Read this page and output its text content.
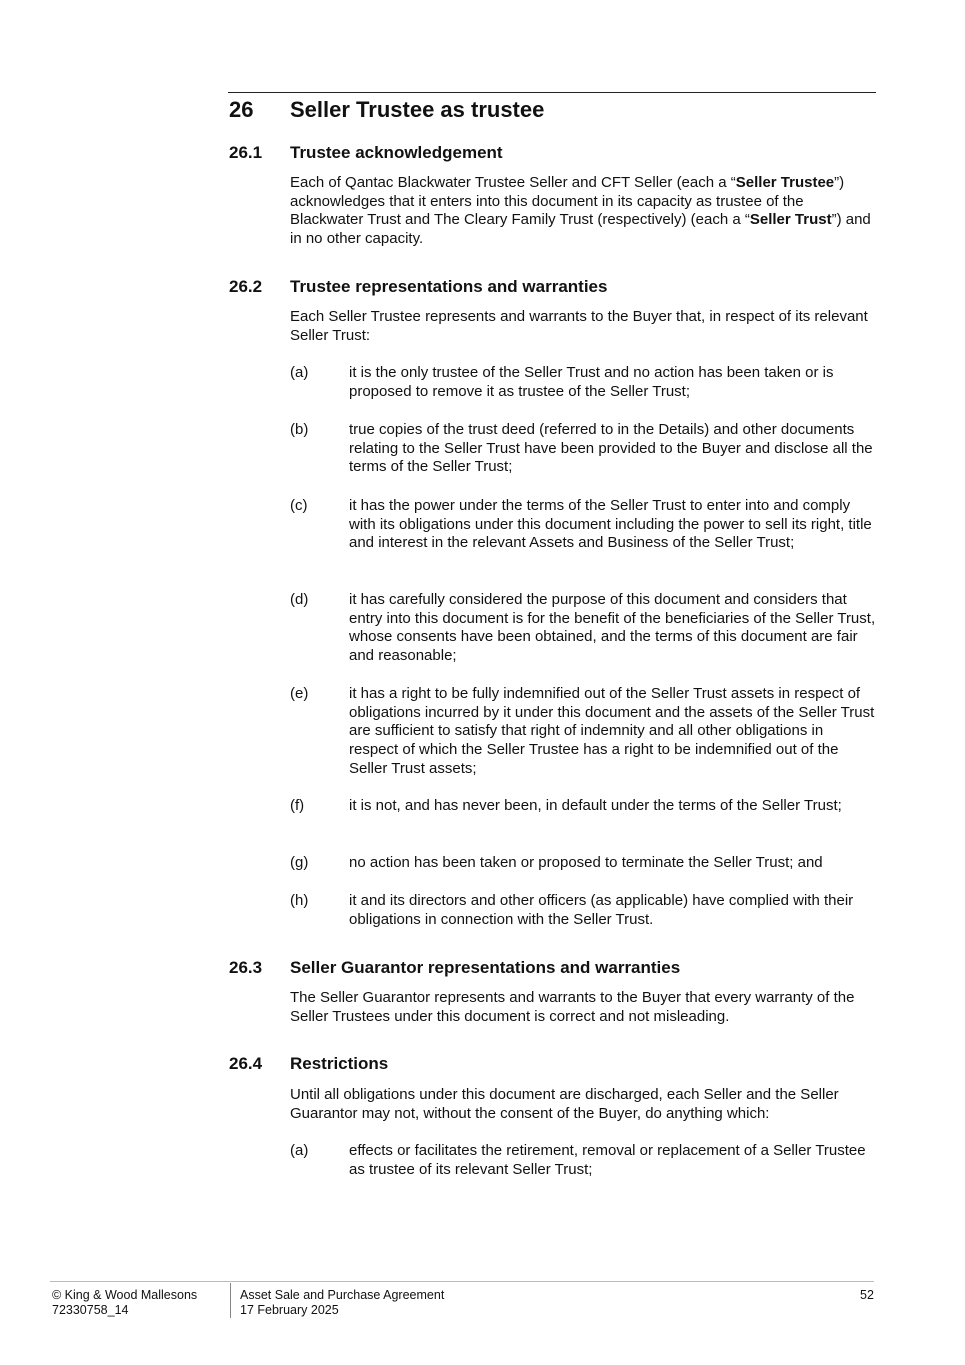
26	Seller Trustee as trustee
26.1 Trustee acknowledgement
Each of Qantac Blackwater Trustee Seller and CFT Seller (each a “Seller Trustee”) acknowledges that it enters into this document in its capacity as trustee of the Blackwater Trust and The Cleary Family Trust (respectively) (each a “Seller Trust”) and in no other capacity.
26.2 Trustee representations and warranties
Each Seller Trustee represents and warrants to the Buyer that, in respect of its relevant Seller Trust:
(a)	it is the only trustee of the Seller Trust and no action has been taken or is proposed to remove it as trustee of the Seller Trust;
(b)	true copies of the trust deed (referred to in the Details) and other documents relating to the Seller Trust have been provided to the Buyer and disclose all the terms of the Seller Trust;
(c)	it has the power under the terms of the Seller Trust to enter into and comply with its obligations under this document including the power to sell its right, title and interest in the relevant Assets and Business of the Seller Trust;
(d)	it has carefully considered the purpose of this document and considers that entry into this document is for the benefit of the beneficiaries of the Seller Trust, whose consents have been obtained, and the terms of this document are fair and reasonable;
(e)	it has a right to be fully indemnified out of the Seller Trust assets in respect of obligations incurred by it under this document and the assets of the Seller Trust are sufficient to satisfy that right of indemnity and all other obligations in respect of which the Seller Trustee has a right to be indemnified out of the Seller Trust assets;
(f)	it is not, and has never been, in default under the terms of the Seller Trust;
(g)	no action has been taken or proposed to terminate the Seller Trust; and
(h)	it and its directors and other officers (as applicable) have complied with their obligations in connection with the Seller Trust.
26.3 Seller Guarantor representations and warranties
The Seller Guarantor represents and warrants to the Buyer that every warranty of the Seller Trustees under this document is correct and not misleading.
26.4 Restrictions
Until all obligations under this document are discharged, each Seller and the Seller Guarantor may not, without the consent of the Buyer, do anything which:
(a)	effects or facilitates the retirement, removal or replacement of a Seller Trustee as trustee of its relevant Seller Trust;
© King & Wood Mallesons
72330758_14
Asset Sale and Purchase Agreement
17 February 2025
52
